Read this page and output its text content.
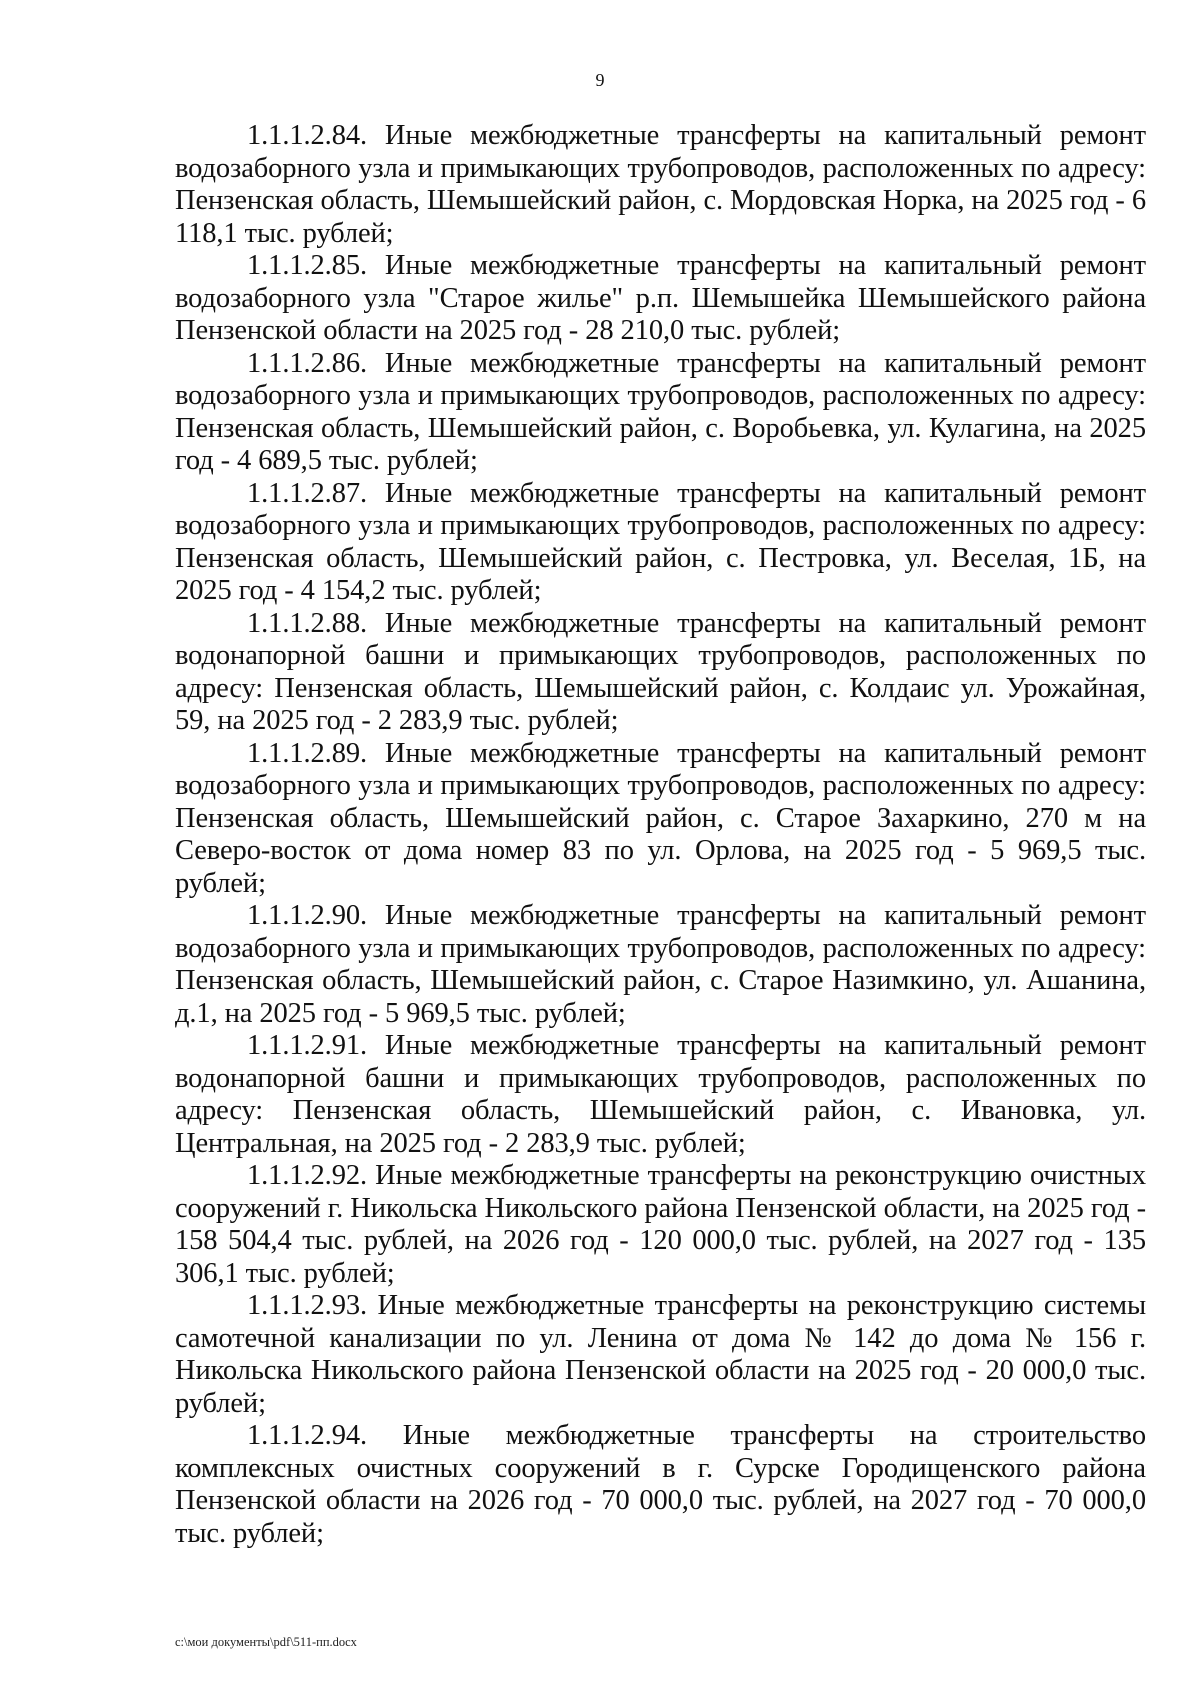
9

1.1.1.2.84. Иные межбюджетные трансферты на капитальный ремонт водозаборного узла и примыкающих трубопроводов, расположенных по адресу: Пензенская область, Шемышейский район, с. Мордовская Норка, на 2025 год - 6 118,1 тыс. рублей;

1.1.1.2.85. Иные межбюджетные трансферты на капитальный ремонт водозаборного узла "Старое жилье" р.п. Шемышейка Шемышейского района Пензенской области на 2025 год - 28 210,0 тыс. рублей;

1.1.1.2.86. Иные межбюджетные трансферты на капитальный ремонт водозаборного узла и примыкающих трубопроводов, расположенных по адресу: Пензенская область, Шемышейский район, с. Воробьевка, ул. Кулагина, на 2025 год - 4 689,5 тыс. рублей;

1.1.1.2.87. Иные межбюджетные трансферты на капитальный ремонт водозаборного узла и примыкающих трубопроводов, расположенных по адресу: Пензенская область, Шемышейский район, с. Пестровка, ул. Веселая, 1Б, на 2025 год - 4 154,2 тыс. рублей;

1.1.1.2.88. Иные межбюджетные трансферты на капитальный ремонт водонапорной башни и примыкающих трубопроводов, расположенных по адресу: Пензенская область, Шемышейский район, с. Колдаис ул. Урожайная, 59, на 2025 год - 2 283,9 тыс. рублей;

1.1.1.2.89. Иные межбюджетные трансферты на капитальный ремонт водозаборного узла и примыкающих трубопроводов, расположенных по адресу: Пензенская область, Шемышейский район, с. Старое Захаркино, 270 м на Северо-восток от дома номер 83 по ул. Орлова, на 2025 год - 5 969,5 тыс. рублей;

1.1.1.2.90. Иные межбюджетные трансферты на капитальный ремонт водозаборного узла и примыкающих трубопроводов, расположенных по адресу: Пензенская область, Шемышейский район, с. Старое Назимкино, ул. Ашанина, д.1, на 2025 год - 5 969,5 тыс. рублей;

1.1.1.2.91. Иные межбюджетные трансферты на капитальный ремонт водонапорной башни и примыкающих трубопроводов, расположенных по адресу: Пензенская область, Шемышейский район, с. Ивановка, ул. Центральная, на 2025 год - 2 283,9 тыс. рублей;

1.1.1.2.92. Иные межбюджетные трансферты на реконструкцию очистных сооружений г. Никольска Никольского района Пензенской области, на 2025 год - 158 504,4 тыс. рублей, на 2026 год - 120 000,0 тыс. рублей, на 2027 год - 135 306,1 тыс. рублей;

1.1.1.2.93. Иные межбюджетные трансферты на реконструкцию системы самотечной канализации по ул. Ленина от дома № 142 до дома № 156 г. Никольска Никольского района Пензенской области на 2025 год - 20 000,0 тыс. рублей;

1.1.1.2.94. Иные межбюджетные трансферты на строительство комплексных очистных сооружений в г. Сурске Городищенского района Пензенской области на 2026 год - 70 000,0 тыс. рублей, на 2027 год - 70 000,0 тыс. рублей;

c:\мои документы\pdf\511-пп.docx
